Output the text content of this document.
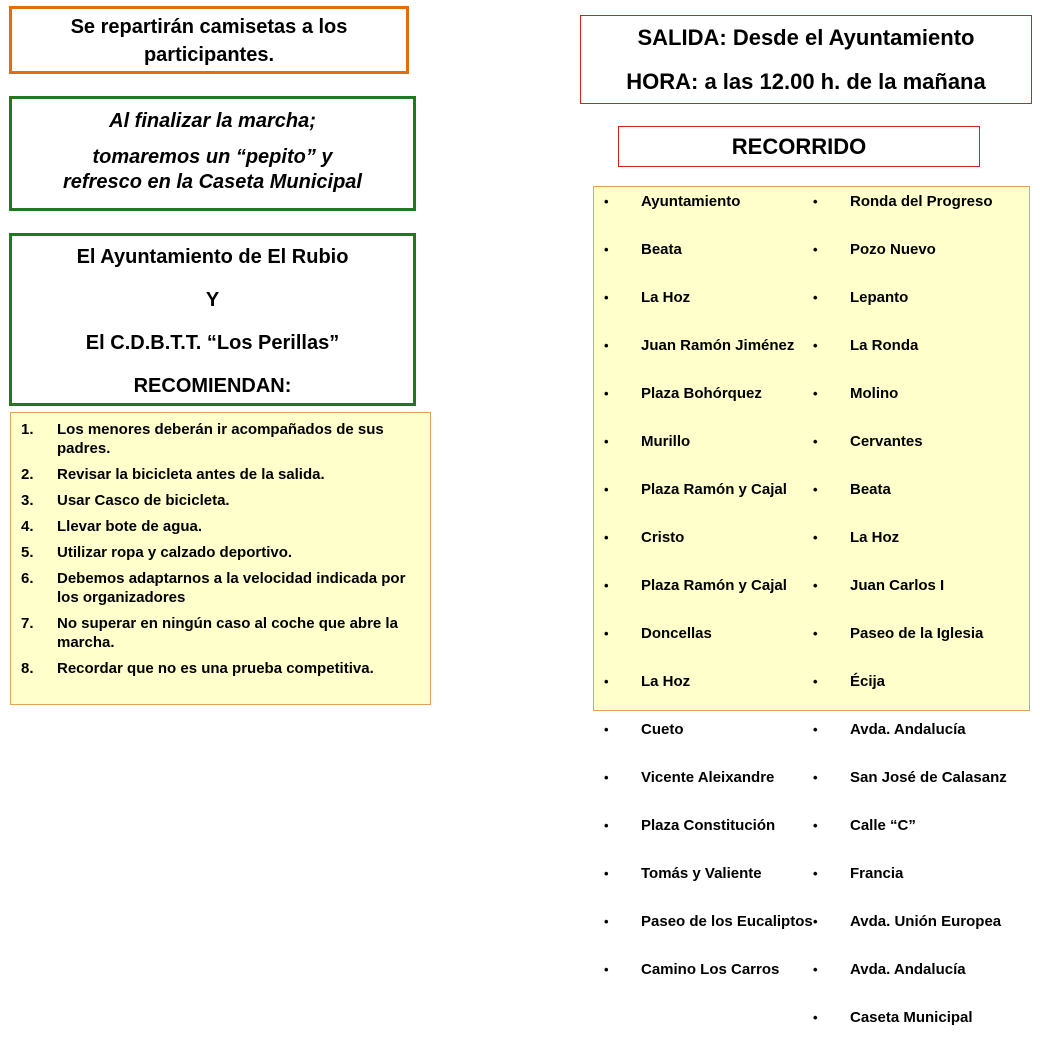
Se repartirán camisetas a los
participantes.
Al finalizar la marcha;
tomaremos un “pepito” y
refresco en la Caseta Municipal
El Ayuntamiento de El Rubio
Y
El C.D.B.T.T. “Los Perillas”
RECOMIENDAN:
1.	Los menores deberán ir acompañados de sus padres.
2.	Revisar la bicicleta antes de la salida.
3.	Usar Casco de bicicleta.
4.	Llevar bote de agua.
5.	Utilizar ropa y calzado deportivo.
6.	Debemos adaptarnos a la velocidad indicada por los organizadores
7.	No superar en ningún caso al coche que abre la marcha.
8.	Recordar que no es una prueba competitiva.
SALIDA: Desde el Ayuntamiento
HORA: a las 12.00 h. de la mañana
RECORRIDO
•	Ayuntamiento
•	Beata
•	La Hoz
•	Juan Ramón Jiménez
•	Plaza Bohórquez
•	Murillo
•	Plaza Ramón y Cajal
•	Cristo
•	Plaza Ramón y Cajal
•	Doncellas
•	La Hoz
•	Cueto
•	Vicente Aleixandre
•	Plaza Constitución
•	Tomás y Valiente
•	Paseo de los Eucaliptos
•	Camino Los Carros
•	Ronda del Progreso
•	Pozo Nuevo
•	Lepanto
•	La Ronda
•	Molino
•	Cervantes
•	Beata
•	La Hoz
•	Juan Carlos I
•	Paseo de la Iglesia
•	Écija
•	Avda. Andalucía
•	San José de Calasanz
•	Calle “C”
•	Francia
•	Avda. Unión Europea
•	Avda. Andalucía
•	Caseta Municipal
